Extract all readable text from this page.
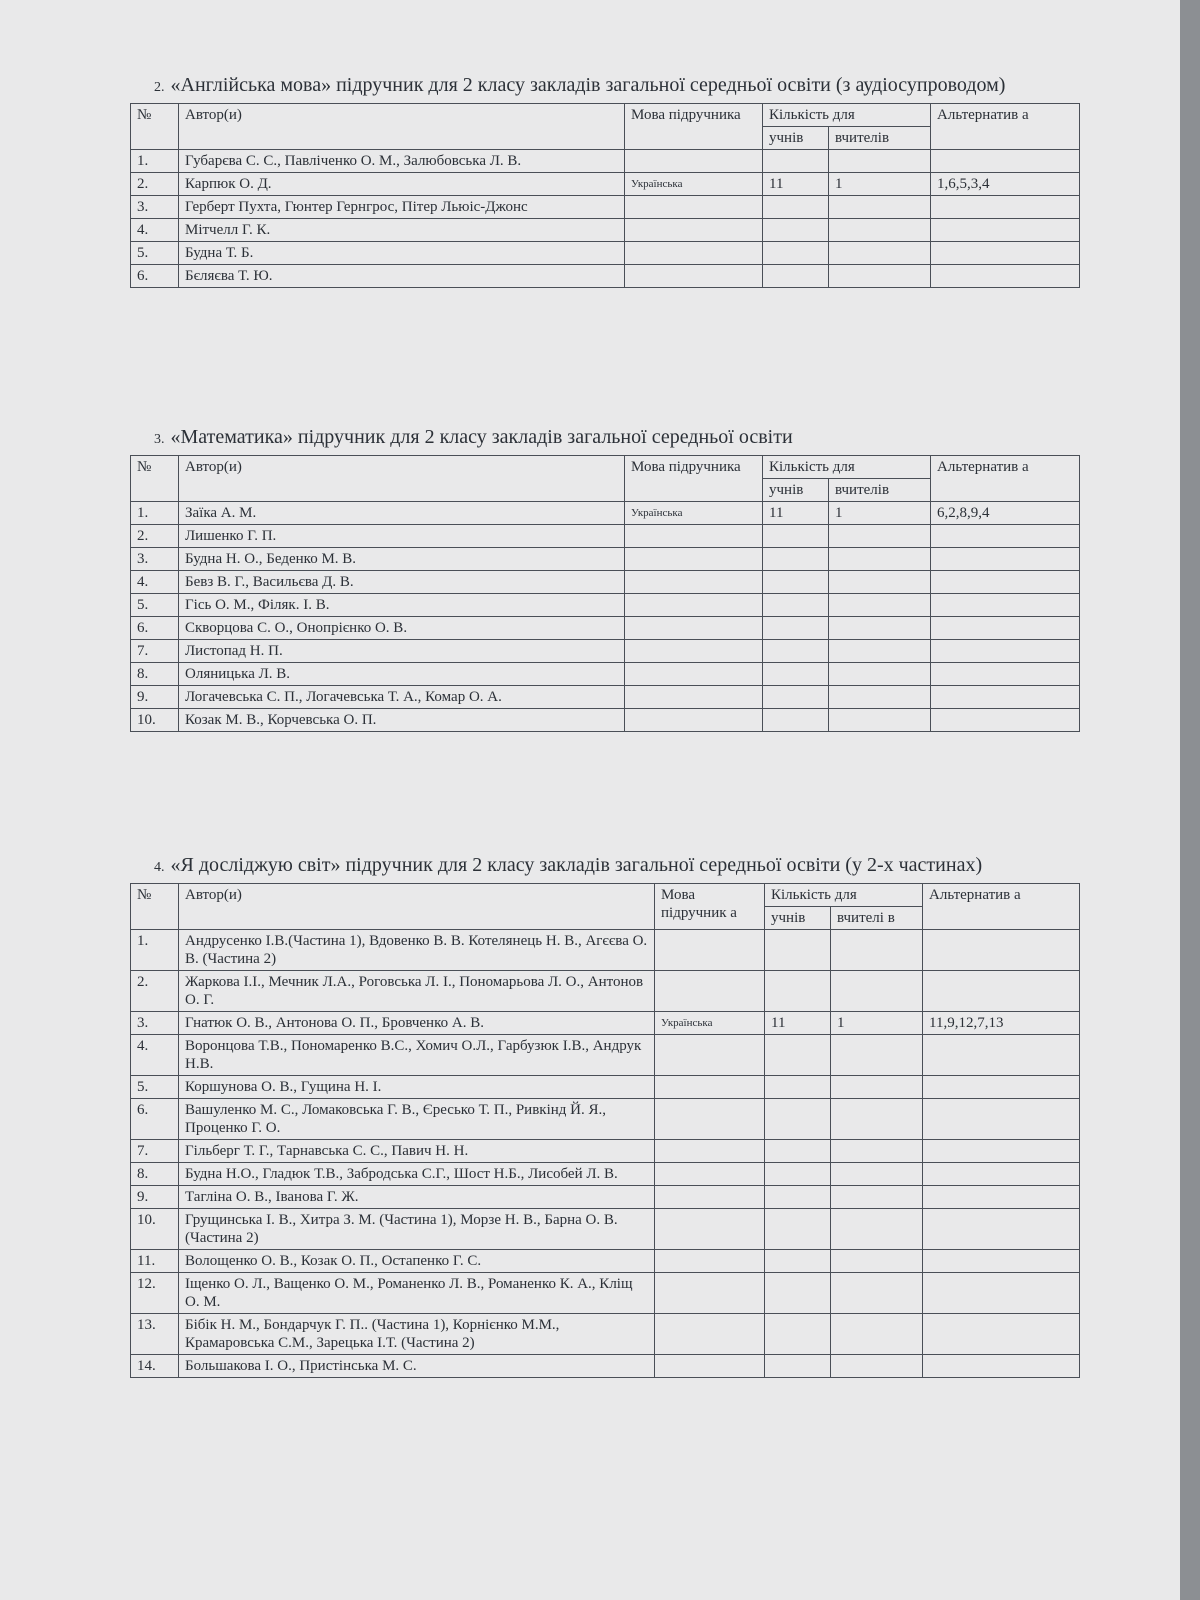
2. «Англійська мова» підручник для 2 класу закладів загальної середньої освіти (з аудіосупроводом)
№	Автор(и)	Мова підручника	Кількість для		Альтернатив а
			учнів	вчителів	
1.	Губарєва С. С., Павліченко О. М., Залюбовська Л. В.				
2.	Карпюк О. Д.	Українська	11	1	1,6,5,3,4
3.	Герберт Пухта, Гюнтер Гернгрос, Пітер Льюіс-Джонс				
4.	Мітчелл Г. К.				
5.	Будна Т. Б.				
6.	Бєляєва Т. Ю.				
3. «Математика» підручник для 2 класу закладів загальної середньої освіти
№	Автор(и)	Мова підручника	Кількість для		Альтернатив а
			учнів	вчителів	
1.	Заїка А. М.	Українська	11	1	6,2,8,9,4
2.	Лишенко Г. П.				
3.	Будна Н. О., Беденко М. В.				
4.	Бевз В. Г., Васильєва Д. В.				
5.	Гісь О. М., Філяк. І. В.				
6.	Скворцова С. О., Онопрієнко О. В.				
7.	Листопад Н. П.				
8.	Оляницька Л. В.				
9.	Логачевська С. П., Логачевська Т. А., Комар О. А.				
10.	Козак М. В., Корчевська О. П.				
4. «Я досліджую світ» підручник для 2 класу закладів загальної середньої освіти (у 2-х частинах)
№	Автор(и)	Мова підручник а	Кількість для		Альтернатив а
			учнів	вчителі в	
1.	Андрусенко І.В.(Частина 1), Вдовенко В. В. Котелянець Н. В., Агєєва О. В. (Частина 2)				
2.	Жаркова І.І., Мечник Л.А., Роговська Л. І., Пономарьова Л. О., Антонов О. Г.				
3.	Гнатюк О. В., Антонова О. П., Бровченко А. В.	Українська	11	1	11,9,12,7,13
4.	Воронцова Т.В., Пономаренко В.С., Хомич О.Л., Гарбузюк І.В., Андрук Н.В.				
5.	Коршунова О. В., Гущина Н. І.				
6.	Вашуленко М. С., Ломаковська Г. В., Єресько Т. П., Ривкінд Й. Я., Проценко Г. О.				
7.	Гільберг Т. Г., Тарнавська С. С., Павич Н. Н.				
8.	Будна Н.О., Гладюк Т.В., Забродська С.Г., Шост Н.Б., Лисобей Л. В.				
9.	Тагліна О. В., Іванова Г. Ж.				
10.	Грущинська І. В., Хитра З. М. (Частина 1), Морзе Н. В., Барна О. В. (Частина 2)				
11.	Волощенко О. В., Козак О. П., Остапенко Г. С.				
12.	Іщенко О. Л., Ващенко О. М., Романенко Л. В., Романенко К. А., Кліщ О. М.				
13.	Бібік Н. М., Бондарчук Г. П.. (Частина 1), Корнієнко М.М., Крамаровська С.М., Зарецька І.Т. (Частина 2)				
14.	Большакова І. О., Пристінська М. С.				
